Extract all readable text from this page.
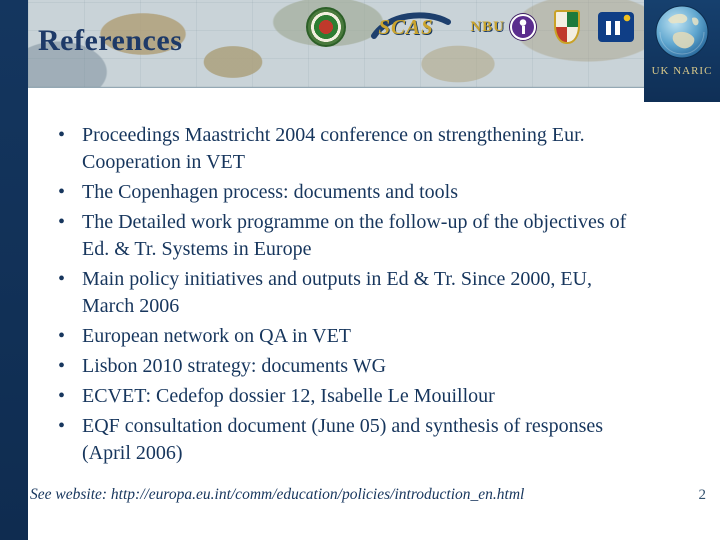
References	SCAS NBU
UK NARIC
• Proceedings Maastricht 2004 conference on strengthening Eur. Cooperation in VET
• The Copenhagen process: documents and tools
• The Detailed work programme on the follow-up of the objectives of Ed. & Tr. Systems in Europe
• Main policy initiatives and outputs in Ed & Tr. Since 2000, EU, March 2006
• European network on QA in VET
• Lisbon 2010 strategy: documents WG
• ECVET: Cedefop dossier 12, Isabelle Le Mouillour
• EQF consultation document (June 05) and synthesis of responses (April 2006)
See website: http://europa.eu.int/comm/education/policies/introduction_en.html	2
